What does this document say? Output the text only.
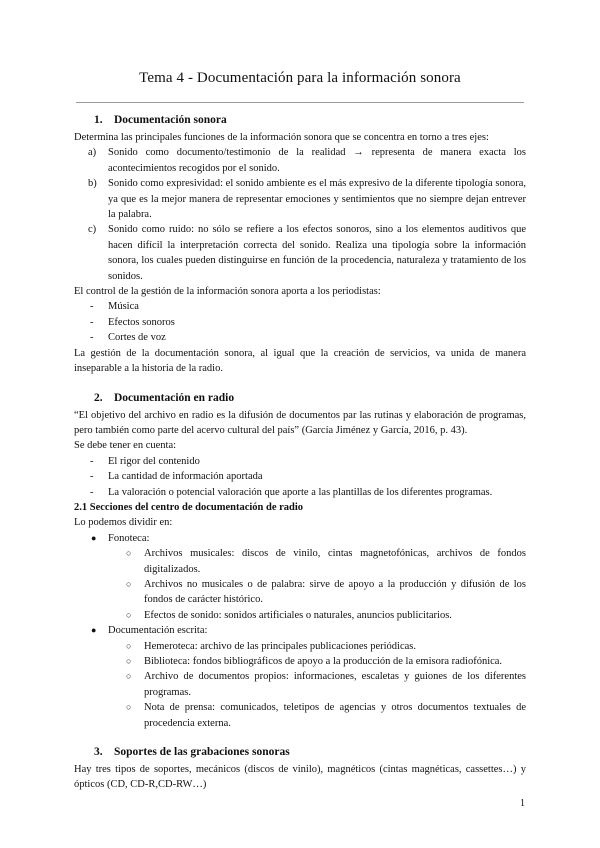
Tema 4 - Documentación para la información sonora
1. Documentación sonora

Determina las principales funciones de la información sonora que se concentra en torno a tres ejes:

a) Sonido como documento/testimonio de la realidad → representa de manera exacta los acontecimientos recogidos por el sonido.
b) Sonido como expresividad: el sonido ambiente es el más expresivo de la diferente tipología sonora, ya que es la mejor manera de representar emociones y sentimientos que no siempre dejan entrever la palabra.
c) Sonido como ruido: no sólo se refiere a los efectos sonoros, sino a los elementos auditivos que hacen difícil la interpretación correcta del sonido. Realiza una tipología sobre la información sonora, los cuales pueden distinguirse en función de la procedencia, naturaleza y tratamiento de los sonidos.

El control de la gestión de la información sonora aporta a los periodistas:

- Música
- Efectos sonoros
- Cortes de voz

La gestión de la documentación sonora, al igual que la creación de servicios, va unida de manera inseparable a la historia de la radio.

2. Documentación en radio

“El objetivo del archivo en radio es la difusión de documentos par las rutinas y elaboración de programas, pero también como parte del acervo cultural del país” (García Jiménez y García, 2016, p. 43).

Se debe tener en cuenta:

- El rigor del contenido
- La cantidad de información aportada
- La valoración o potencial valoración que aporte a las plantillas de los diferentes programas.
2.1 Secciones del centro de documentación de radio

Lo podemos dividir en:

● Fonoteca:
○ Archivos musicales: discos de vinilo, cintas magnetofónicas, archivos de fondos digitalizados.
○ Archivos no musicales o de palabra: sirve de apoyo a la producción y difusión de los fondos de carácter histórico.
○ Efectos de sonido: sonidos artificiales o naturales, anuncios publicitarios.
● Documentación escrita:
○ Hemeroteca: archivo de las principales publicaciones periódicas.
○ Biblioteca: fondos bibliográficos de apoyo a la producción de la emisora radiofónica.
○ Archivo de documentos propios: informaciones, escaletas y guiones de los diferentes programas.
○ Nota de prensa: comunicados, teletipos de agencias y otros documentos textuales de procedencia externa.
3. Soportes de las grabaciones sonoras

Hay tres tipos de soportes, mecánicos (discos de vinilo), magnéticos (cintas magnéticas, cassettes…) y ópticos (CD, CD-R,CD-RW…)

1
